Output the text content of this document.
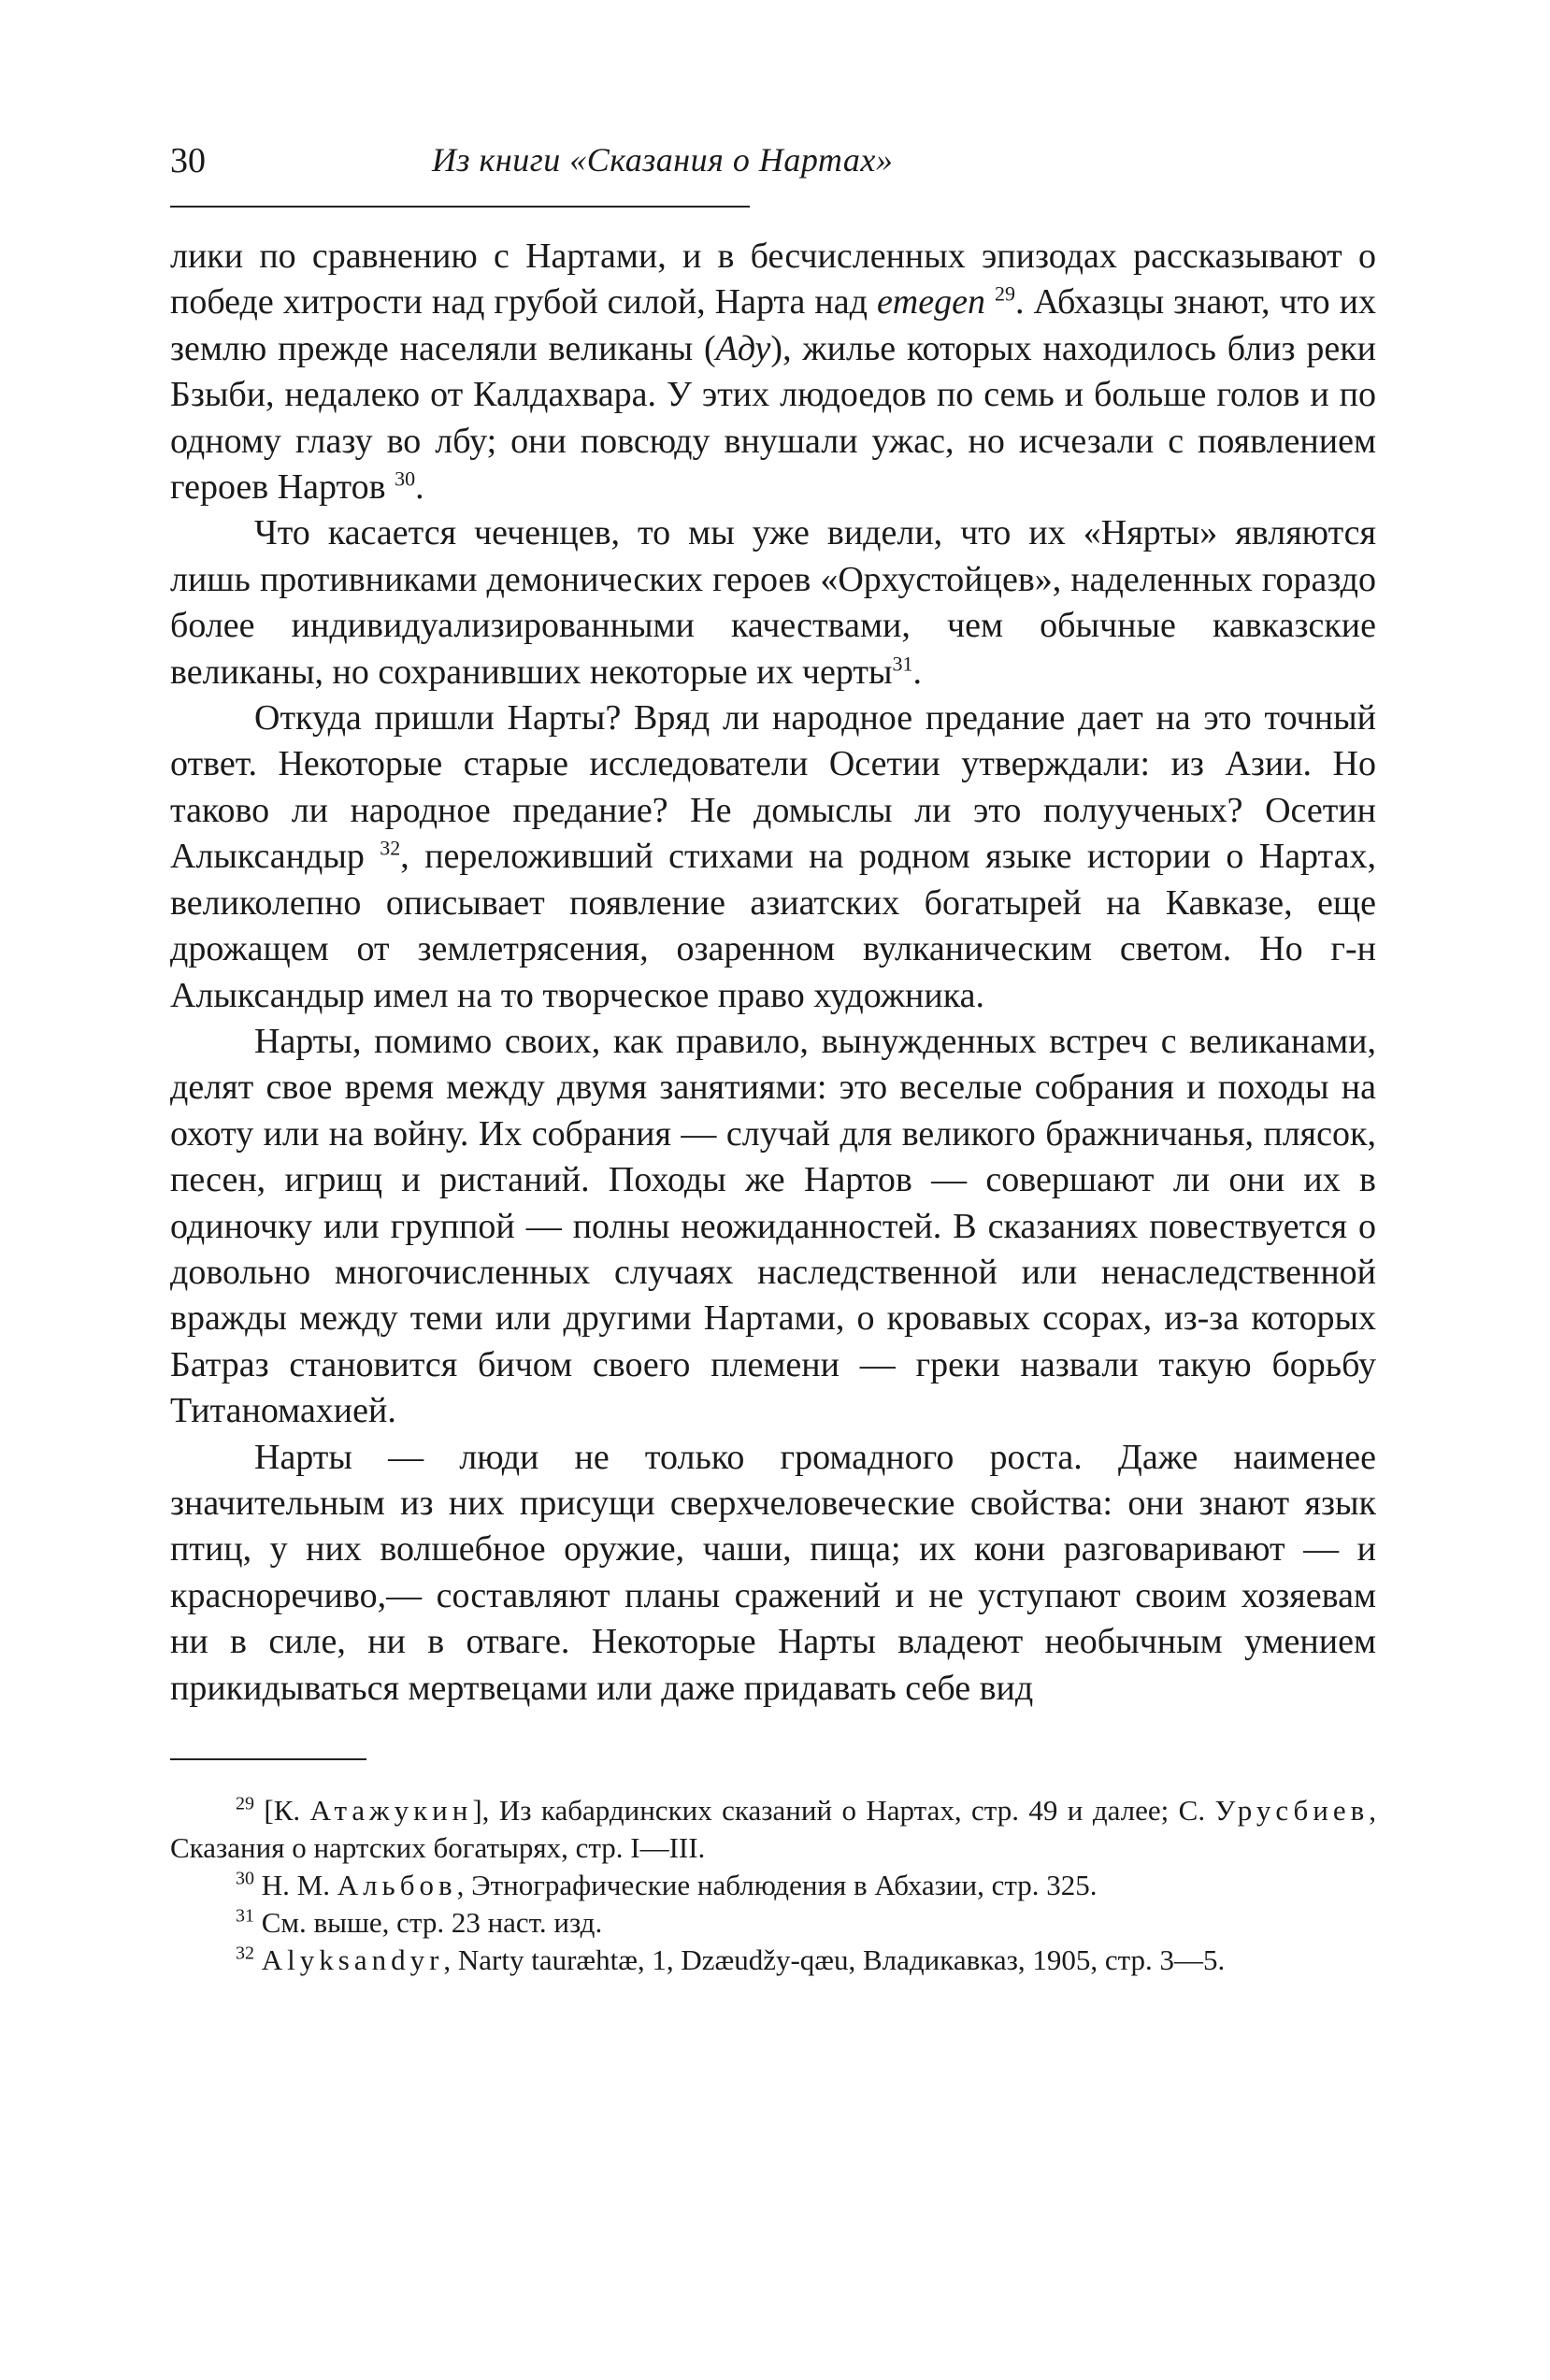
30	Из книги «Сказания о Нартах»

лики по сравнению с Нартами, и в бесчисленных эпизодах рассказывают о победе хитрости над грубой силой, Нарта над emegen $^{29}$. Абхазцы знают, что их землю прежде населяли великаны (Аду), жилье которых находилось близ реки Бзыби, недалеко от Калдахвара. У этих людоедов по семь и больше голов и по одному глазу во лбу; они повсюду внушали ужас, но исчезали с появлением героев Нартов $^{30}$.

Что касается чеченцев, то мы уже видели, что их «Нярты» являются лишь противниками демонических героев «Орхустойцев», наделенных гораздо более индивидуализированными качествами, чем обычные кавказские великаны, но сохранивших некоторые их черты$^{31}$.

Откуда пришли Нарты? Вряд ли народное предание дает на это точный ответ. Некоторые старые исследователи Осетии утверждали: из Азии. Но таково ли народное предание? Не домыслы ли это полуученых? Осетин Алыксандыр $^{32}$, переложивший стихами на родном языке истории о Нартах, великолепно описывает появление азиатских богатырей на Кавказе, еще дрожащем от землетрясения, озаренном вулканическим светом. Но г-н Алыксандыр имел на то творческое право художника.

Нарты, помимо своих, как правило, вынужденных встреч с великанами, делят свое время между двумя занятиями: это веселые собрания и походы на охоту или на войну. Их собрания — случай для великого бражничанья, плясок, песен, игрищ и ристаний. Походы же Нартов — совершают ли они их в одиночку или группой — полны неожиданностей. В сказаниях повествуется о довольно многочисленных случаях наследственной или ненаследственной вражды между теми или другими Нартами, о кровавых ссорах, из-за которых Батраз становится бичом своего племени — греки назвали такую борьбу Титаномахией.

Нарты — люди не только громадного роста. Даже наименее значительным из них присущи сверхчеловеческие свойства: они знают язык птиц, у них волшебное оружие, чаши, пища; их кони разговаривают — и красноречиво,— составляют планы сражений и не уступают своим хозяевам ни в силе, ни в отваге. Некоторые Нарты владеют необычным умением прикидываться мертвецами или даже придавать себе вид

$^{29}$ [К. Атажукин], Из кабардинских сказаний о Нартах, стр. 49 и далее; С. Урусбиев, Сказания о нартских богатырях, стр. I—III.

$^{30}$ Н. М. Альбов, Этнографические наблюдения в Абхазии, стр. 325.

$^{31}$ См. выше, стр. 23 наст. изд.

$^{32}$ Alyksandyr, Narty tauræhtæ, 1, Dzæudžy-qæu, Владикавказ, 1905, стр. 3—5.
